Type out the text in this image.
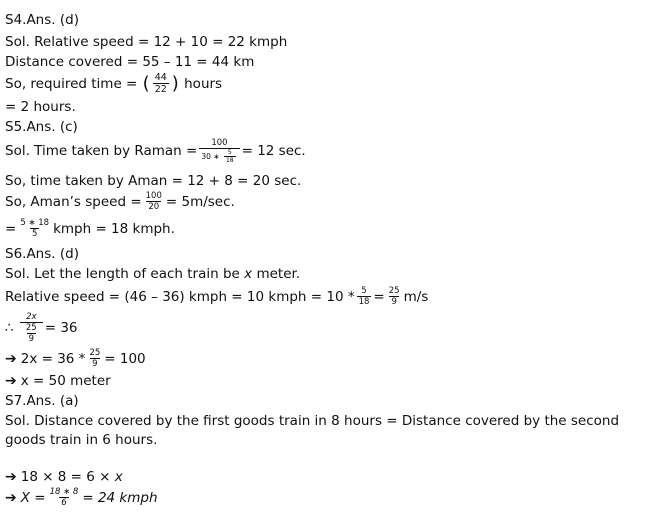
S4.Ans. (d)
Sol. Relative speed = 12 + 10 = 22 kmph
Distance covered = 55 – 11 = 44 km
So, required time =
( $\frac{44}{22}$ )
hours
= 2 hours.
S5.Ans. (c)
Sol. Time taken by Raman = 100
30 ∗
$\frac{5}{18} = 12$ sec.
So, time taken by Aman = 12 + 8 = 20 sec.
So, Aman’s speed = $\frac{100}{20} = 5m/\sec$.
= $\frac{5 ∗ 18}{5}$ kmph = 18 kmph.
S6.Ans. (d)
Sol. Let the length of each train be
x
meter.
Relative speed = (46 – 36) kmph = 10 kmph = $10 * \frac{5}{18} = \frac{25}{9} m/s$
∴
$\frac{2x}{\frac{25}{9}} = 36$
➔ $2x = 36 * \frac{25}{9} = 100$
➔ x = 50 meter
S7.Ans. (a)
Sol. Distance covered by the first goods train in 8 hours = Distance covered by the second
goods train in 6 hours.
➔ 18 × 8 = 6 ×
x
➔ $X = \frac{18 ∗ 8}{6} = 24$ kmph
